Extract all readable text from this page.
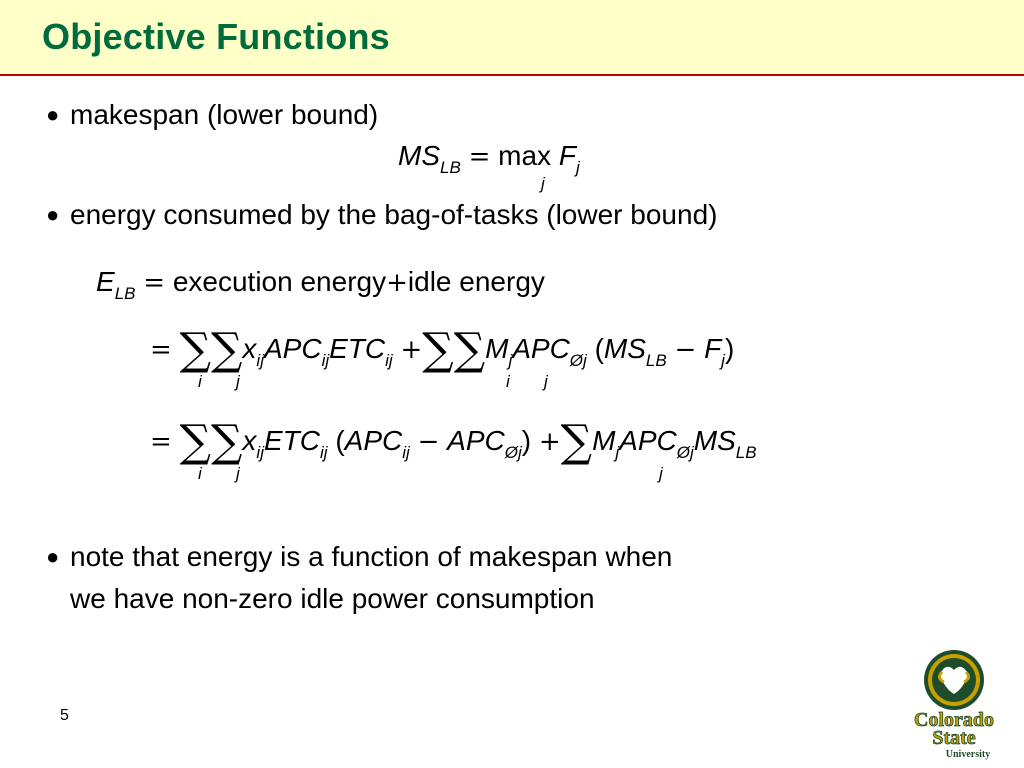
Objective Functions
● makespan (lower bound)
$MS_{LB} = \max F_j$
j
● energy consumed by the bag-of-tasks (lower bound)
$E_{LB}$ = execution energy+idle energy
= $\sum\sum x_{ij}APC_{ij}ETC_{ij} +\sum\sum M_jAPC_{Øj}$ $(MS_{LB} - F_j)$
i j	i j
= $\sum\sum x_{ij}ETC_{ij}$ $(APC_{ij} - APC_{Øj}) +\sum M_jAPC_{Øj}MS_{LB}$
i j	j
● note that energy is a function of makespan when
we have non-zero idle power consumption
5	Colorado
State
University
